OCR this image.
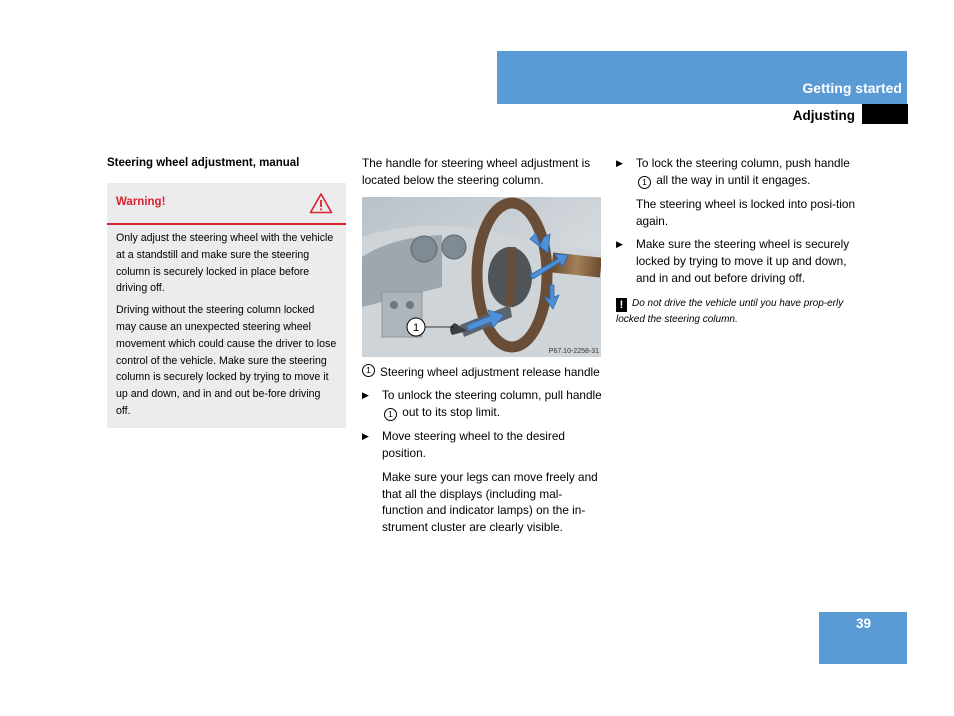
Getting started
Adjusting
Steering wheel adjustment, manual
Warning!

Only adjust the steering wheel with the vehicle at a standstill and make sure the steering column is securely locked in place before driving off.

Driving without the steering column locked may cause an unexpected steering wheel movement which could cause the driver to lose control of the vehicle. Make sure the steering column is securely locked by trying to move it up and down, and in and out be-fore driving off.

The handle for steering wheel adjustment is located below the steering column.

1
P67.10-2258-31
1 Steering wheel adjustment release handle
▶	To unlock the steering column, pull handle 1 out to its stop limit.
▶	Move steering wheel to the desired position.

Make sure your legs can move freely and that all the displays (including mal-function and indicator lamps) on the in-strument cluster are clearly visible.

▶	To lock the steering column, push handle 1 all the way in until it engages.

The steering wheel is locked into posi-tion again.

▶	Make sure the steering wheel is securely locked by trying to move it up and down, and in and out before driving off.

! Do not drive the vehicle until you have prop-erly locked the steering column.

39
